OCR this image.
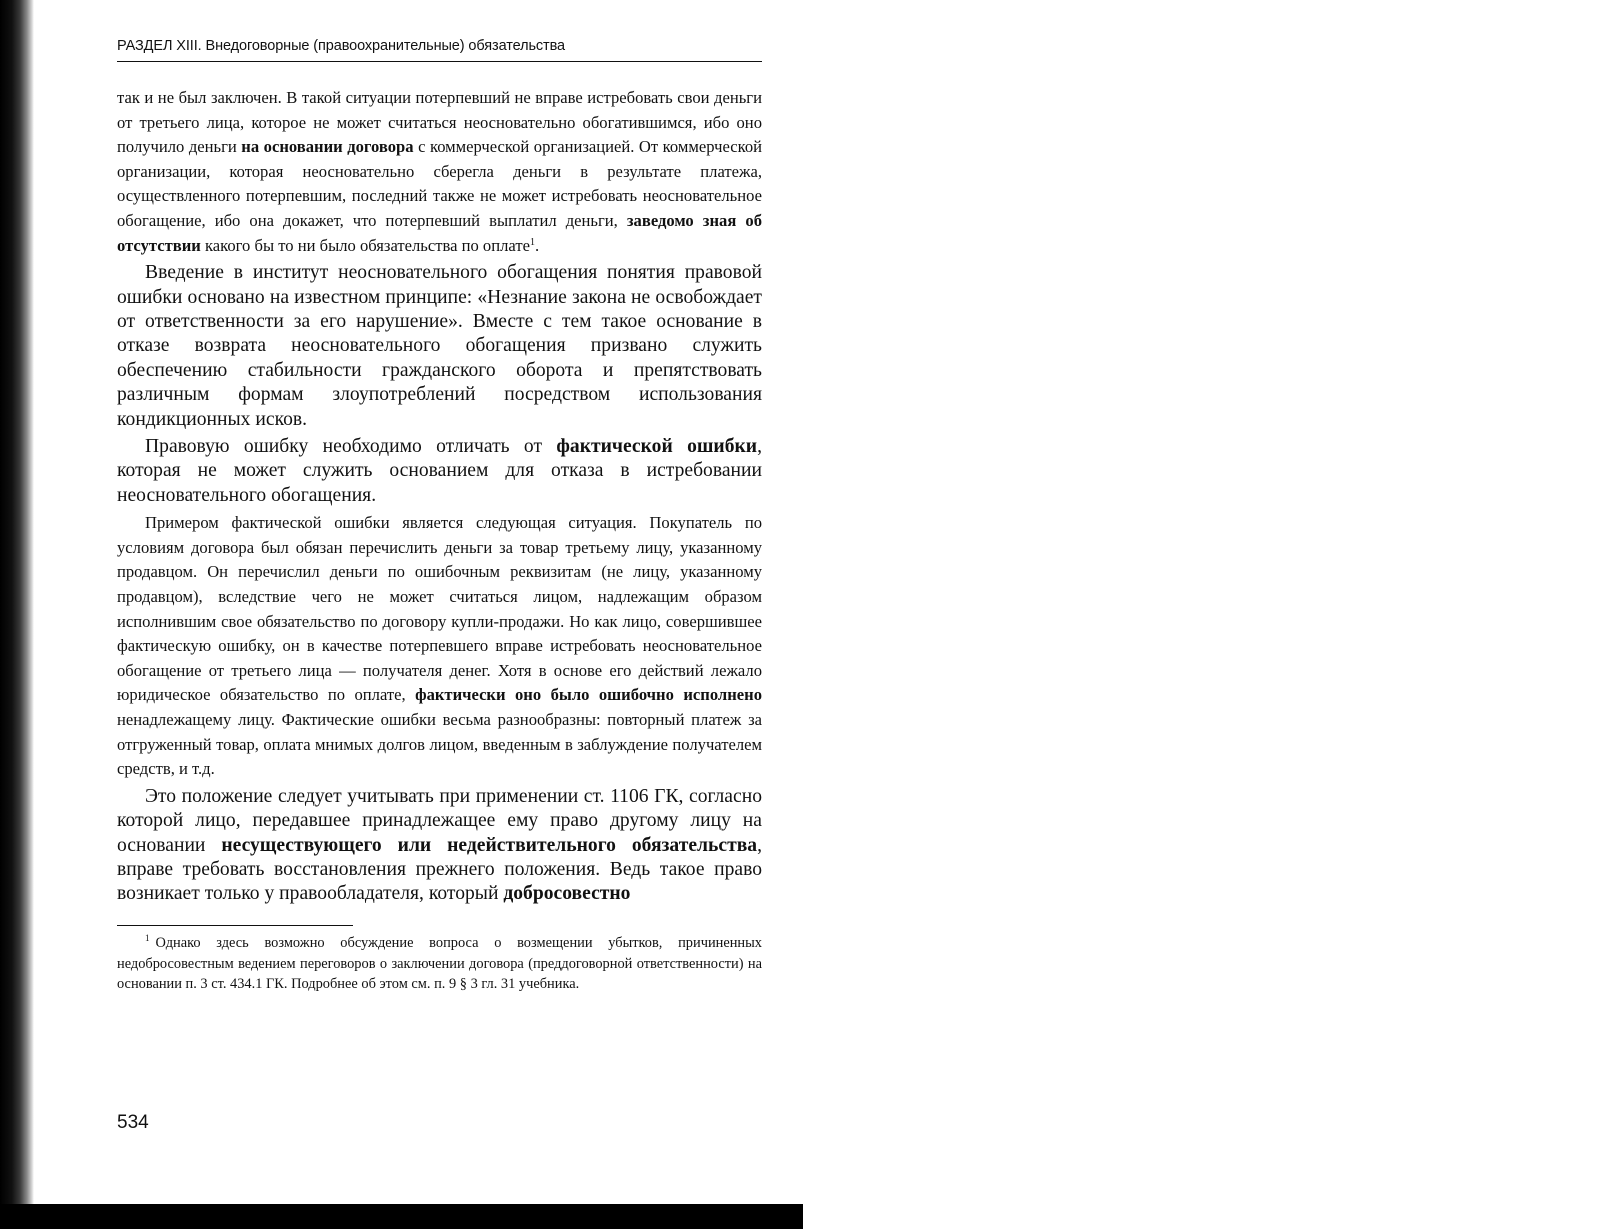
РАЗДЕЛ XIII. Внедоговорные (правоохранительные) обязательства

так и не был заключен. В такой ситуации потерпевший не вправе истребовать свои деньги от третьего лица, которое не может считаться неосновательно обогатившимся, ибо оно получило деньги на основании договора с коммерческой организацией. От коммерческой организации, которая неосновательно сберегла деньги в результате платежа, осуществленного потерпевшим, последний также не может истребовать неосновательное обогащение, ибо она докажет, что потерпевший выплатил деньги, заведомо зная об отсутствии какого бы то ни было обязательства по оплате$^1$.

Введение в институт неосновательного обогащения понятия правовой ошибки основано на известном принципе: «Незнание закона не освобождает от ответственности за его нарушение». Вместе с тем такое основание в отказе возврата неосновательного обогащения призвано служить обеспечению стабильности гражданского оборота и препятствовать различным формам злоупотреблений посредством использования кондикционных исков.

Правовую ошибку необходимо отличать от фактической ошибки, которая не может служить основанием для отказа в истребовании неосновательного обогащения.

Примером фактической ошибки является следующая ситуация. Покупатель по условиям договора был обязан перечислить деньги за товар третьему лицу, указанному продавцом. Он перечислил деньги по ошибочным реквизитам (не лицу, указанному продавцом), вследствие чего не может считаться лицом, надлежащим образом исполнившим свое обязательство по договору купли-продажи. Но как лицо, совершившее фактическую ошибку, он в качестве потерпевшего вправе истребовать неосновательное обогащение от третьего лица — получателя денег. Хотя в основе его действий лежало юридическое обязательство по оплате, фактически оно было ошибочно исполнено ненадлежащему лицу. Фактические ошибки весьма разнообразны: повторный платеж за отгруженный товар, оплата мнимых долгов лицом, введенным в заблуждение получателем средств, и т.д.

Это положение следует учитывать при применении ст. 1106 ГК, согласно которой лицо, передавшее принадлежащее ему право другому лицу на основании несуществующего или недействительного обязательства, вправе требовать восстановления прежнего положения. Ведь такое право возникает только у правообладателя, который добросовестно

$^1$ Однако здесь возможно обсуждение вопроса о возмещении убытков, причиненных недобросовестным ведением переговоров о заключении договора (преддоговорной ответственности) на основании п. 3 ст. 434.1 ГК. Подробнее об этом см. п. 9 § 3 гл. 31 учебника.

534
